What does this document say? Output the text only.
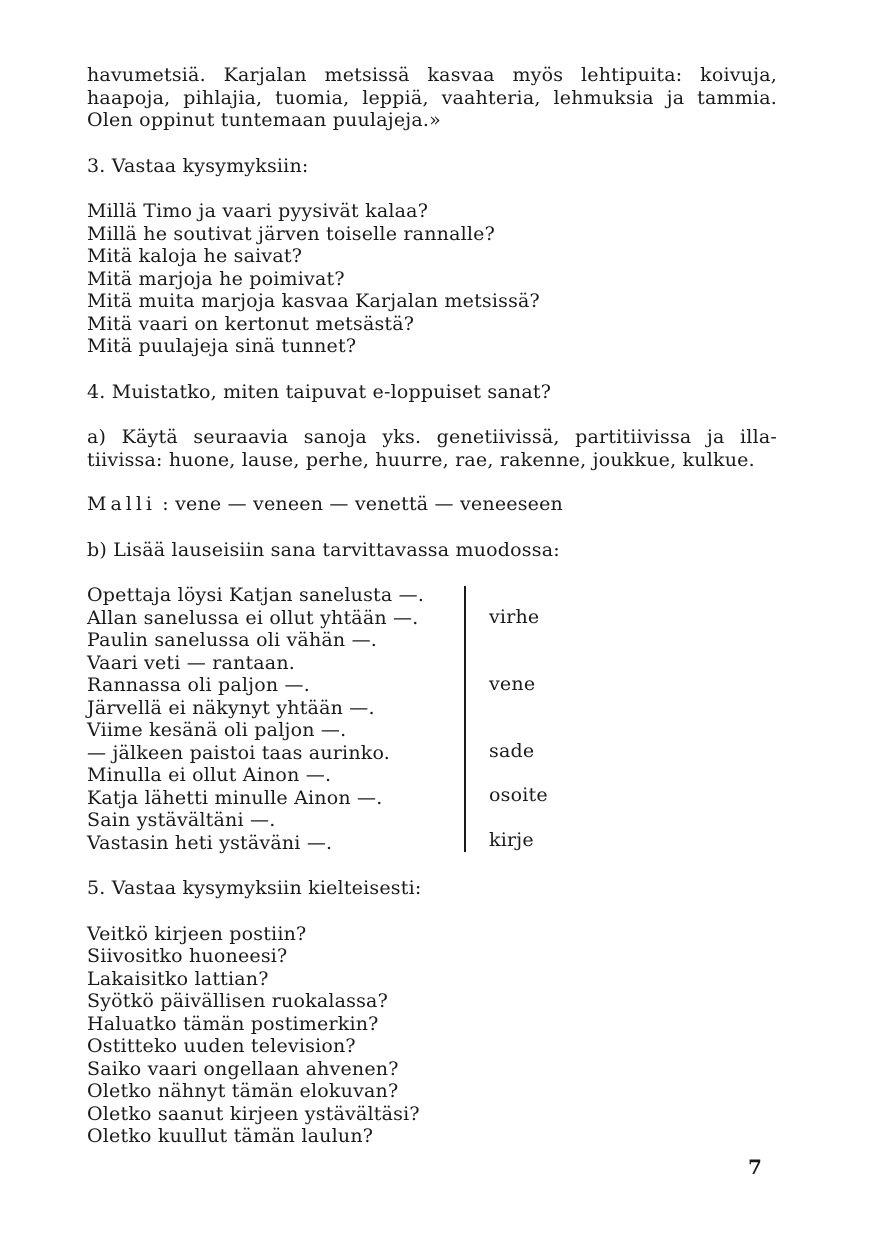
havumetsiä. Karjalan metsissä kasvaa myös lehtipuita: koivuja,
haapoja, pihlajia, tuomia, leppiä, vaahteria, lehmuksia ja tammia.
Olen oppinut tuntemaan puulajeja.»
3. Vastaa kysymyksiin:
Millä Timo ja vaari pyysivät kalaa?
Millä he soutivat järven toiselle rannalle?
Mitä kaloja he saivat?
Mitä marjoja he poimivat?
Mitä muita marjoja kasvaa Karjalan metsissä?
Mitä vaari on kertonut metsästä?
Mitä puulajeja sinä tunnet?
4. Muistatko, miten taipuvat e-loppuiset sanat?
a) Käytä seuraavia sanoja yks. genetiivissä, partitiivissa ja illa-
tiivissa: huone, lause, perhe, huurre, rae, rakenne, joukkue, kulkue.
Malli : vene — veneen — venettä — veneeseen
b) Lisää lauseisiin sana tarvittavassa muodossa:
Opettaja löysi Katjan sanelusta —.
Allan sanelussa ei ollut yhtään —.
Paulin sanelussa oli vähän —.
Vaari veti — rantaan.
Rannassa oli paljon —.
Järvellä ei näkynyt yhtään —.
Viime kesänä oli paljon —.
— jälkeen paistoi taas aurinko.
Minulla ei ollut Ainon —.
Katja lähetti minulle Ainon —.
Sain ystävältäni —.
Vastasin heti ystäväni —.
virhe
vene
sade
osoite
kirje
5. Vastaa kysymyksiin kielteisesti:
Veitkö kirjeen postiin?
Siivositko huoneesi?
Lakaisitko lattian?
Syötkö päivällisen ruokalassa?
Haluatko tämän postimerkin?
Ostitteko uuden television?
Saiko vaari ongellaan ahvenen?
Oletko nähnyt tämän elokuvan?
Oletko saanut kirjeen ystävältäsi?
Oletko kuullut tämän laulun?
7
